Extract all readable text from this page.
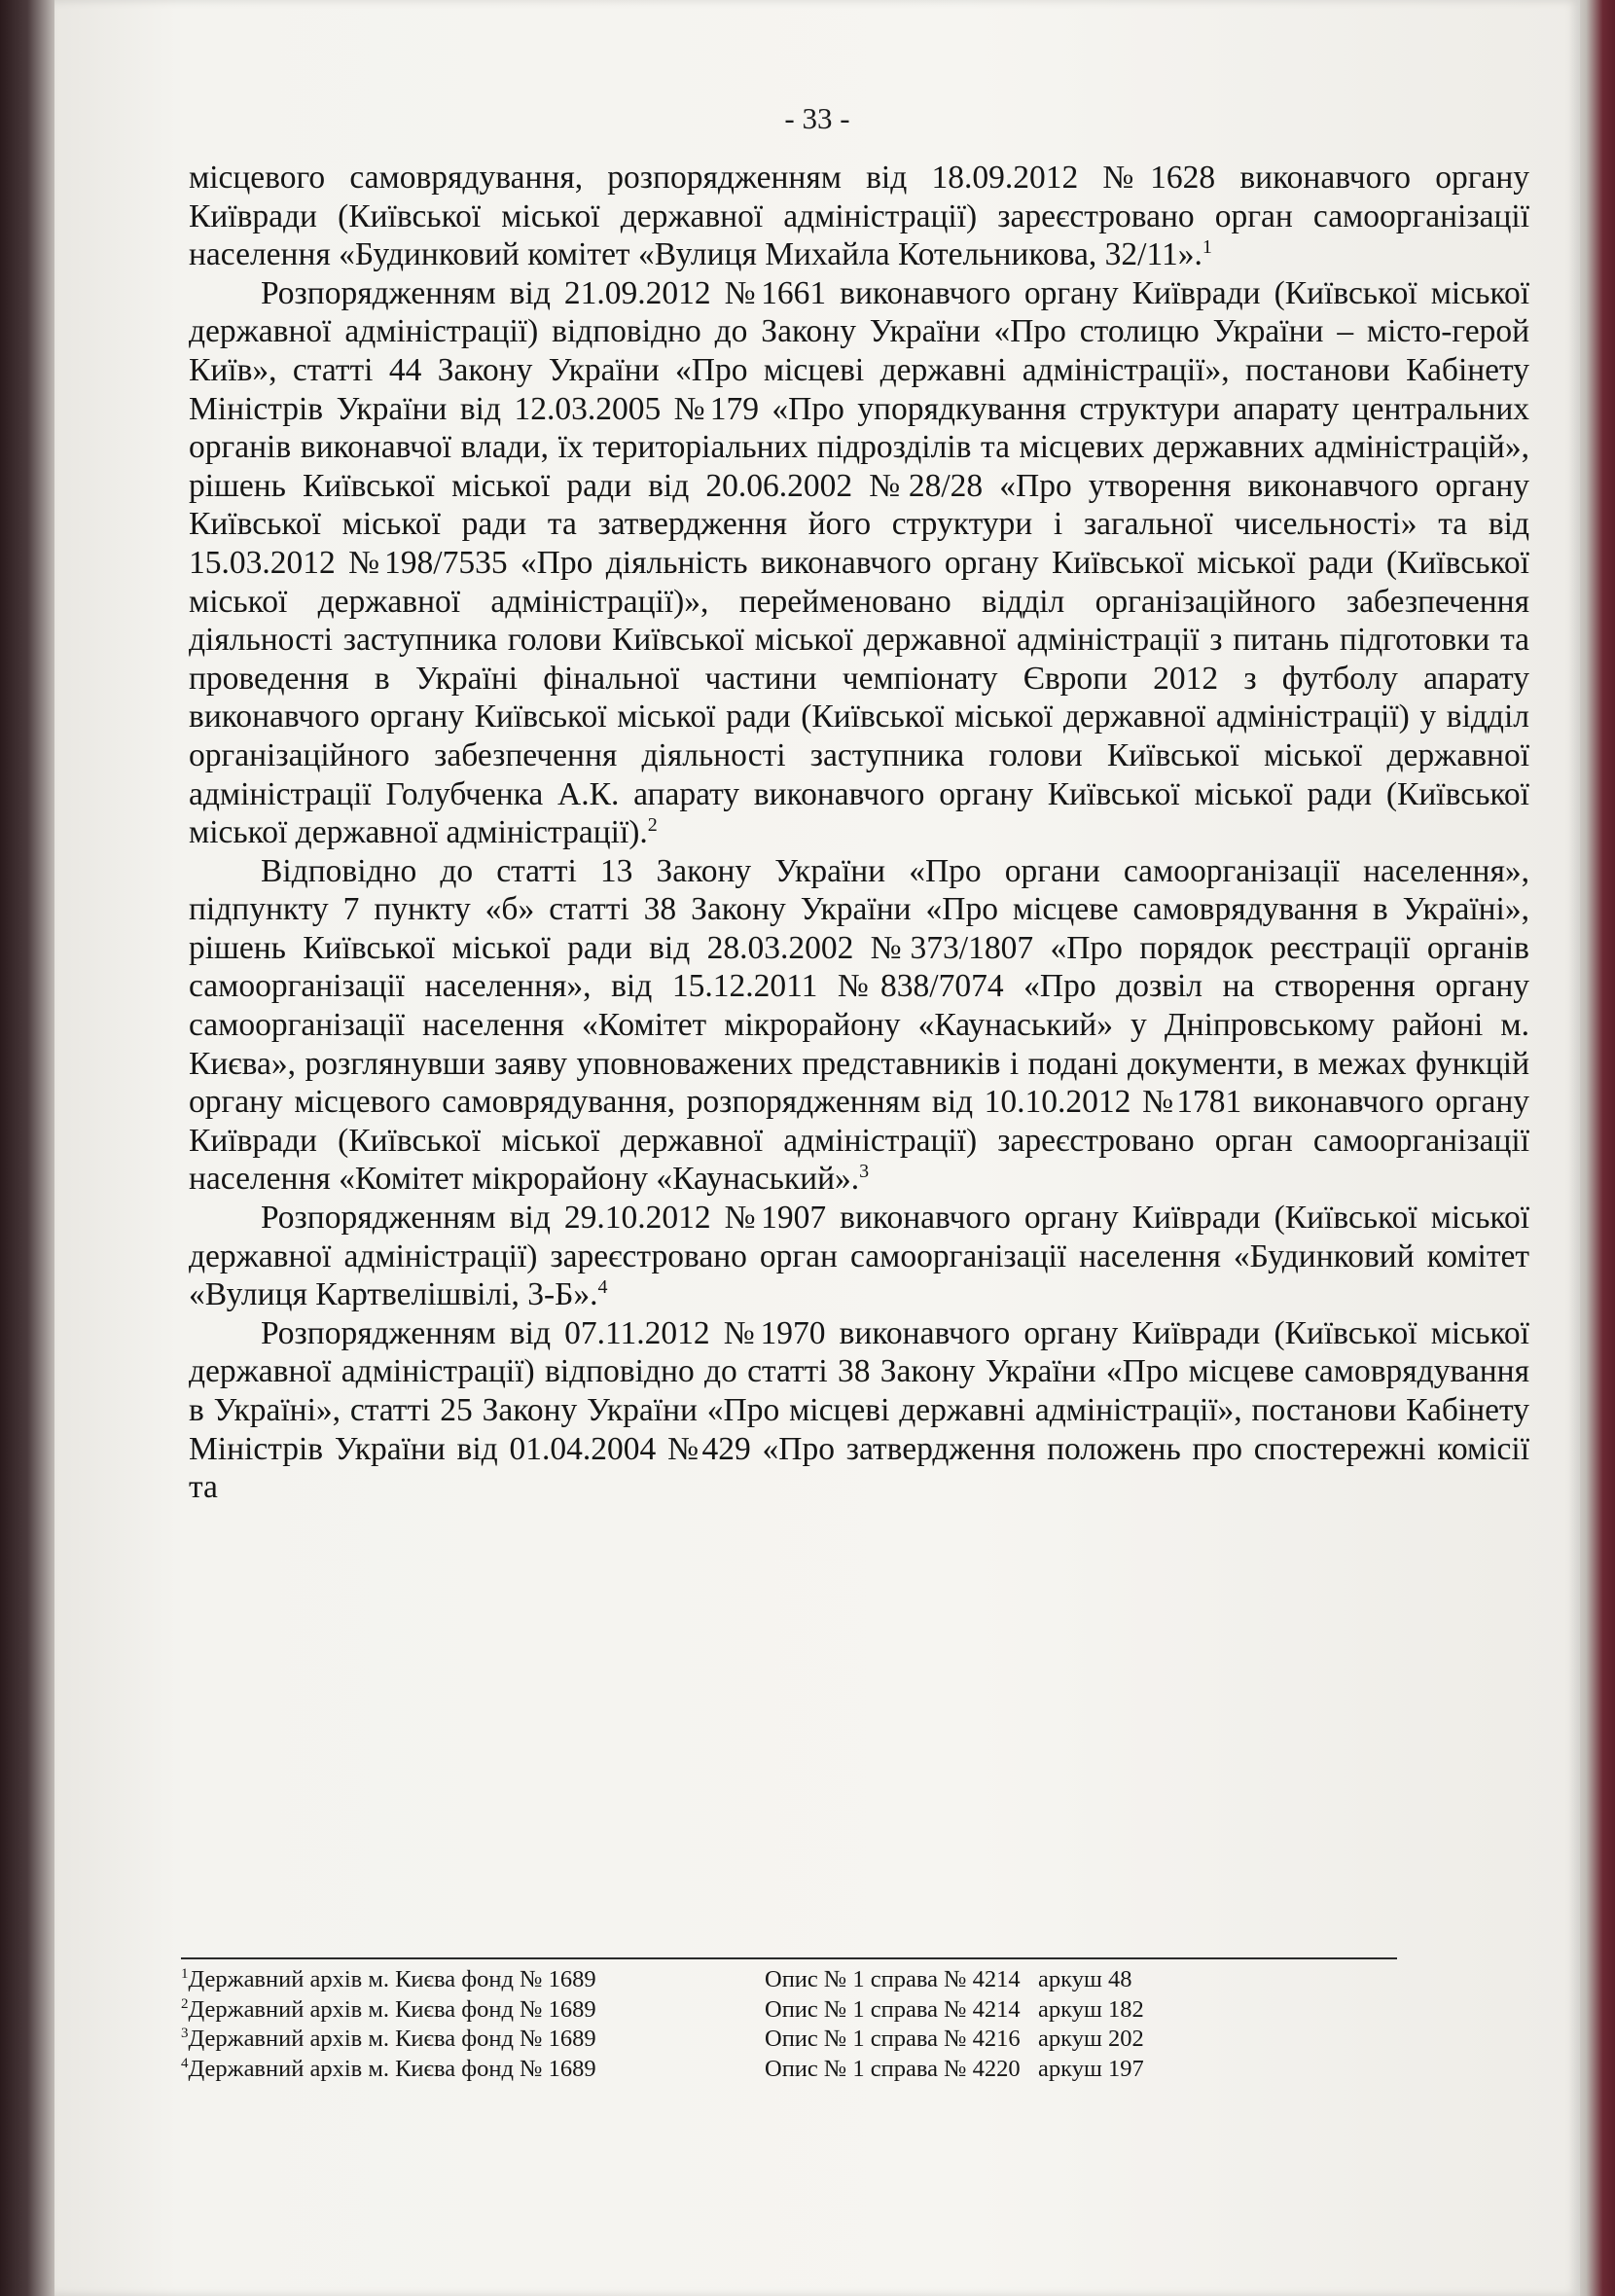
- 33 -

місцевого самоврядування, розпорядженням від 18.09.2012 №1628 виконавчого органу Київради (Київської міської державної адміністрації) зареєстровано орган самоорганізації населення «Будинковий комітет «Вулиця Михайла Котельникова, 32/11».$^1$

Розпорядженням від 21.09.2012 №1661 виконавчого органу Київради (Київської міської державної адміністрації) відповідно до Закону України «Про столицю України – місто-герой Київ», статті 44 Закону України «Про місцеві державні адміністрації», постанови Кабінету Міністрів України від 12.03.2005 №179 «Про упорядкування структури апарату центральних органів виконавчої влади, їх територіальних підрозділів та місцевих державних адміністрацій», рішень Київської міської ради від 20.06.2002 №28/28 «Про утворення виконавчого органу Київської міської ради та затвердження його структури і загальної чисельності» та від 15.03.2012 №198/7535 «Про діяльність виконавчого органу Київської міської ради (Київської міської державної адміністрації)», перейменовано відділ організаційного забезпечення діяльності заступника голови Київської міської державної адміністрації з питань підготовки та проведення в Україні фінальної частини чемпіонату Європи 2012 з футболу апарату виконавчого органу Київської міської ради (Київської міської державної адміністрації) у відділ організаційного забезпечення діяльності заступника голови Київської міської державної адміністрації Голубченка А.К. апарату виконавчого органу Київської міської ради (Київської міської державної адміністрації).$^2$

Відповідно до статті 13 Закону України «Про органи самоорганізації населення», підпункту 7 пункту «б» статті 38 Закону України «Про місцеве самоврядування в Україні», рішень Київської міської ради від 28.03.2002 №373/1807 «Про порядок реєстрації органів самоорганізації населення», від 15.12.2011 №838/7074 «Про дозвіл на створення органу самоорганізації населення «Комітет мікрорайону «Каунаський» у Дніпровському районі м. Києва», розглянувши заяву уповноважених представників і подані документи, в межах функцій органу місцевого самоврядування, розпорядженням від 10.10.2012 №1781 виконавчого органу Київради (Київської міської державної адміністрації) зареєстровано орган самоорганізації населення «Комітет мікрорайону «Каунаський».$^3$

Розпорядженням від 29.10.2012 №1907 виконавчого органу Київради (Київської міської державної адміністрації) зареєстровано орган самоорганізації населення «Будинковий комітет «Вулиця Картвелішвілі, 3-Б».$^4$

Розпорядженням від 07.11.2012 №1970 виконавчого органу Київради (Київської міської державної адміністрації) відповідно до статті 38 Закону України «Про місцеве самоврядування в Україні», статті 25 Закону України «Про місцеві державні адміністрації», постанови Кабінету Міністрів України від 01.04.2004 №429 «Про затвердження положень про спостережні комісії та

$^1$Державний архів м. Києва фонд № 1689	Опис № 1 справа № 4214   аркуш 48
$^2$Державний архів м. Києва фонд № 1689	Опис № 1 справа № 4214   аркуш 182
$^3$Державний архів м. Києва фонд № 1689	Опис № 1 справа № 4216   аркуш 202
$^4$Державний архів м. Києва фонд № 1689	Опис № 1 справа № 4220   аркуш 197
